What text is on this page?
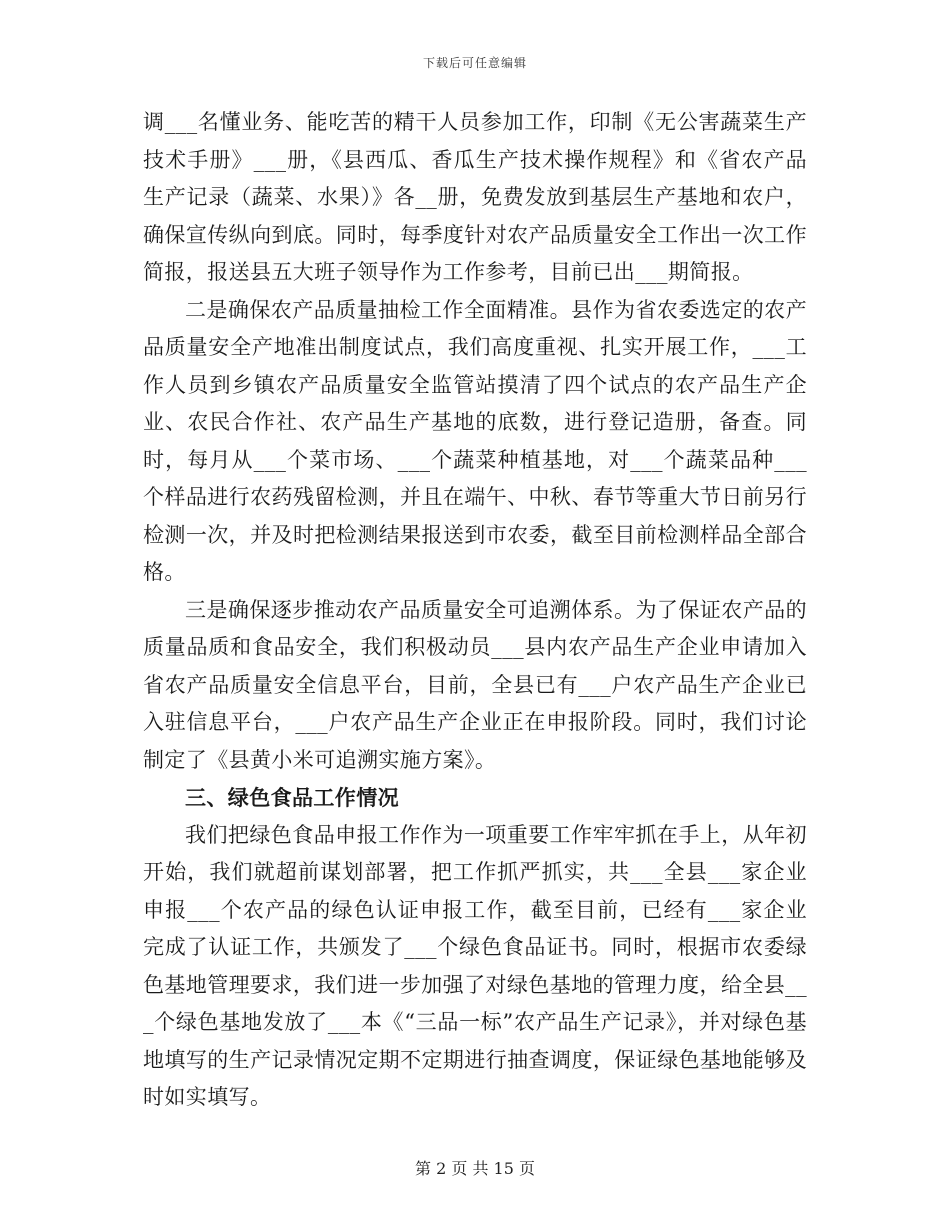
下载后可任意编辑

调___名懂业务、能吃苦的精干人员参加工作，印制《无公害蔬菜生产技术手册》___册，《县西瓜、香瓜生产技术操作规程》和《省农产品生产记录（蔬菜、水果）》各__册，免费发放到基层生产基地和农户，确保宣传纵向到底。同时，每季度针对农产品质量安全工作出一次工作简报，报送县五大班子领导作为工作参考，目前已出___期简报。

二是确保农产品质量抽检工作全面精准。县作为省农委选定的农产品质量安全产地准出制度试点，我们高度重视、扎实开展工作，___工作人员到乡镇农产品质量安全监管站摸清了四个试点的农产品生产企业、农民合作社、农产品生产基地的底数，进行登记造册，备查。同时，每月从___个菜市场、___个蔬菜种植基地，对___个蔬菜品种___个样品进行农药残留检测，并且在端午、中秋、春节等重大节日前另行检测一次，并及时把检测结果报送到市农委，截至目前检测样品全部合格。

三是确保逐步推动农产品质量安全可追溯体系。为了保证农产品的质量品质和食品安全，我们积极动员___县内农产品生产企业申请加入省农产品质量安全信息平台，目前，全县已有___户农产品生产企业已入驻信息平台，___户农产品生产企业正在申报阶段。同时，我们讨论制定了《县黄小米可追溯实施方案》。

三、绿色食品工作情况

我们把绿色食品申报工作作为一项重要工作牢牢抓在手上，从年初开始，我们就超前谋划部署，把工作抓严抓实，共___全县___家企业申报___个农产品的绿色认证申报工作，截至目前，已经有___家企业完成了认证工作，共颁发了___个绿色食品证书。同时，根据市农委绿色基地管理要求，我们进一步加强了对绿色基地的管理力度，给全县___个绿色基地发放了___本《“三品一标”农产品生产记录》，并对绿色基地填写的生产记录情况定期不定期进行抽查调度，保证绿色基地能够及时如实填写。

第 2 页 共 15 页
